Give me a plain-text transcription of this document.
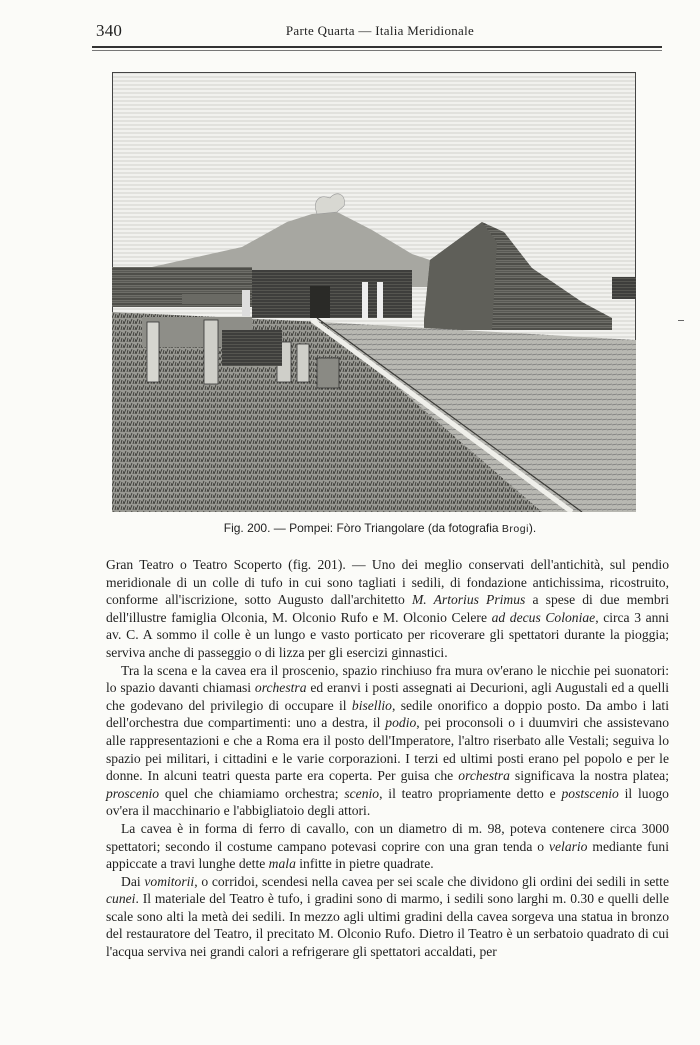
340	Parte Quarta — Italia Meridionale
Fig. 200. — Pompei: Fòro Triangolare (da fotografia Brogi).

Gran Teatro o Teatro Scoperto (fig. 201). — Uno dei meglio conservati dell'antichità, sul pendio meridionale di un colle di tufo in cui sono tagliati i sedili, di fondazione antichissima, ricostruito, conforme all'iscrizione, sotto Augusto dall'architetto M. Artorius Primus a spese di due membri dell'illustre famiglia Olconia, M. Olconio Rufo e M. Olconio Celere ad decus Coloniae, circa 3 anni av. C. A sommo il colle è un lungo e vasto porticato per ricoverare gli spettatori durante la pioggia; serviva anche di passeggio o di lizza per gli esercizi ginnastici.

Tra la scena e la cavea era il proscenio, spazio rinchiuso fra mura ov'erano le nicchie pei suonatori: lo spazio davanti chiamasi orchestra ed eranvi i posti assegnati ai Decurioni, agli Augustali ed a quelli che godevano del privilegio di occupare il bisellio, sedile onorifico a doppio posto. Da ambo i lati dell'orchestra due compartimenti: uno a destra, il podio, pei proconsoli o i duumviri che assistevano alle rappresentazioni e che a Roma era il posto dell'Imperatore, l'altro riserbato alle Vestali; seguiva lo spazio pei militari, i cittadini e le varie corporazioni. I terzi ed ultimi posti erano pel popolo e per le donne. In alcuni teatri questa parte era coperta. Per guisa che orchestra significava la nostra platea; proscenio quel che chiamiamo orchestra; scenio, il teatro propriamente detto e postscenio il luogo ov'era il macchinario e l'abbigliatoio degli attori.

La cavea è in forma di ferro di cavallo, con un diametro di m. 98, poteva contenere circa 3000 spettatori; secondo il costume campano potevasi coprire con una gran tenda o velario mediante funi appiccate a travi lunghe dette mala infitte in pietre quadrate.

Dai vomitorii, o corridoi, scendesi nella cavea per sei scale che dividono gli ordini dei sedili in sette cunei. Il materiale del Teatro è tufo, i gradini sono di marmo, i sedili sono larghi m. 0.30 e quelli delle scale sono alti la metà dei sedili. In mezzo agli ultimi gradini della cavea sorgeva una statua in bronzo del restauratore del Teatro, il precitato M. Olconio Rufo. Dietro il Teatro è un serbatoio quadrato di cui l'acqua serviva nei grandi calori a refrigerare gli spettatori accaldati, per
